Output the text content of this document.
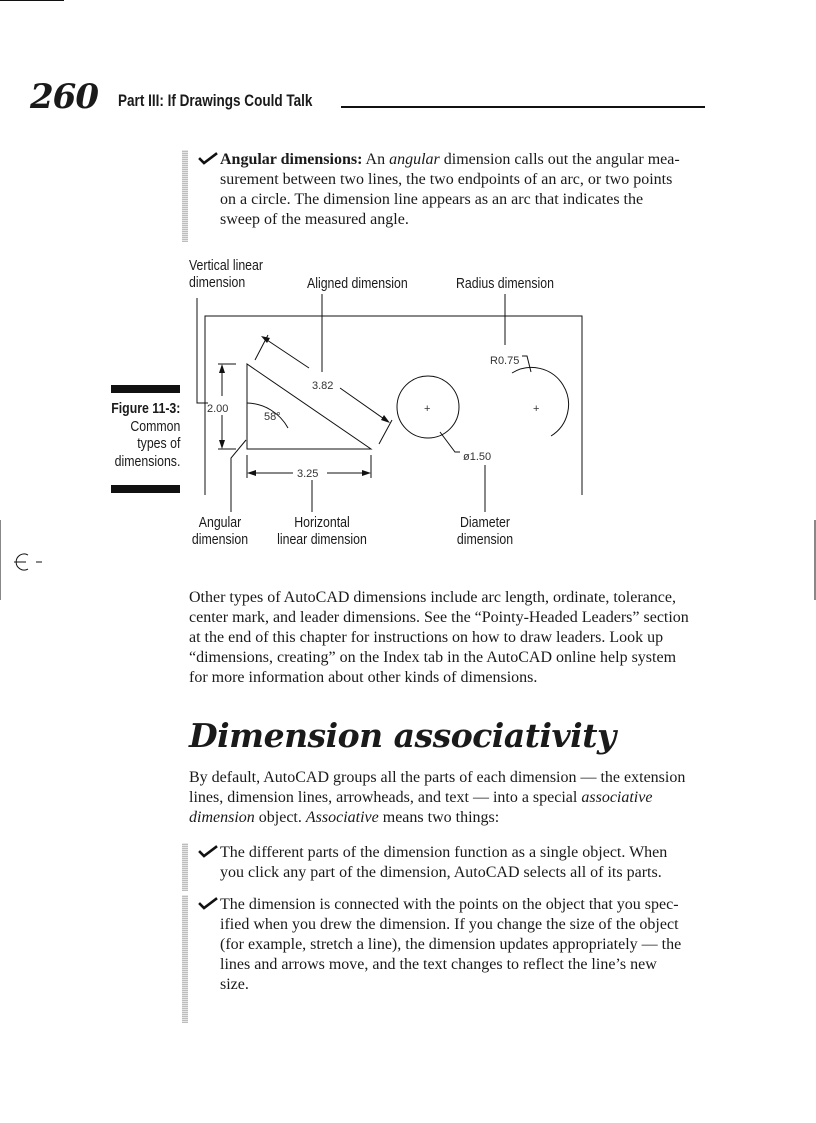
260 Part III: If Drawings Could Talk
Angular dimensions: An angular dimension calls out the angular mea-
surement between two lines, the two endpoints of an arc, or two points
on a circle. The dimension line appears as an arc that indicates the
sweep of the measured angle.
Vertical linear
dimension	Aligned dimension	Radius dimension
Angular
dimension
Horizontal
linear dimension
Diameter
dimension
Figure 11-3:
Common
types of
dimensions.
2.00
3.82
58°
3.25
R0.75
ø1.50
+	+
Other types of AutoCAD dimensions include arc length, ordinate, tolerance,
center mark, and leader dimensions. See the “Pointy-Headed Leaders” section
at the end of this chapter for instructions on how to draw leaders. Look up
“dimensions, creating” on the Index tab in the AutoCAD online help system
for more information about other kinds of dimensions.
Dimension associativity
By default, AutoCAD groups all the parts of each dimension — the extension
lines, dimension lines, arrowheads, and text — into a special associative
dimension object. Associative means two things:
The different parts of the dimension function as a single object. When
you click any part of the dimension, AutoCAD selects all of its parts.
The dimension is connected with the points on the object that you spec-
ified when you drew the dimension. If you change the size of the object
(for example, stretch a line), the dimension updates appropriately — the
lines and arrows move, and the text changes to reflect the line’s new
size.
